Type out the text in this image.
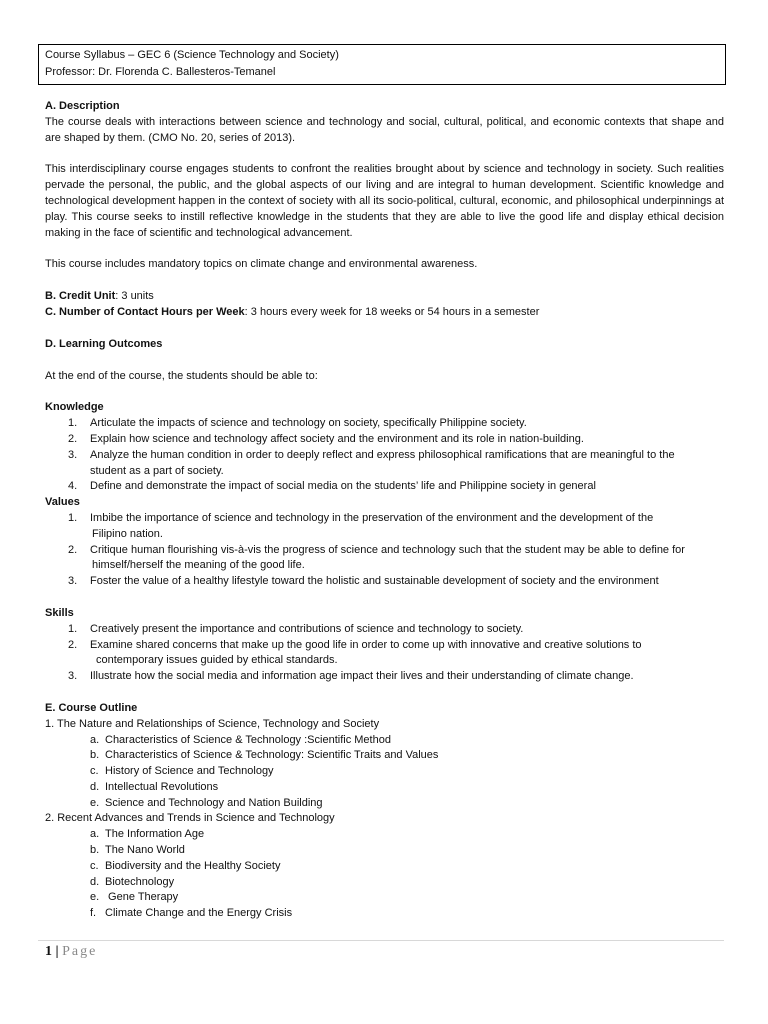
Course Syllabus – GEC 6 (Science Technology and Society)
Professor: Dr. Florenda C. Ballesteros-Temanel
A. Description
The course deals with interactions between science and technology and social, cultural, political, and economic contexts that shape and are shaped by them. (CMO No. 20, series of 2013).
This interdisciplinary course engages students to confront the realities brought about by science and technology in society. Such realities pervade the personal, the public, and the global aspects of our living and are integral to human development. Scientific knowledge and technological development happen in the context of society with all its socio-political, cultural, economic, and philosophical underpinnings at play. This course seeks to instill reflective knowledge in the students that they are able to live the good life and display ethical decision making in the face of scientific and technological advancement.
This course includes mandatory topics on climate change and environmental awareness.
B. Credit Unit: 3 units
C. Number of Contact Hours per Week: 3 hours every week for 18 weeks or 54 hours in a semester
D. Learning Outcomes
At the end of the course, the students should be able to:
Knowledge
1. Articulate the impacts of science and technology on society, specifically Philippine society.
2. Explain how science and technology affect society and the environment and its role in nation-building.
3. Analyze the human condition in order to deeply reflect and express philosophical ramifications that are meaningful to the
student as a part of society.
4. Define and demonstrate the impact of social media on the students’ life and Philippine society in general
Values
1. Imbibe the importance of science and technology in the preservation of the environment and the development of the
Filipino nation.
2. Critique human flourishing vis-à-vis the progress of science and technology such that the student may be able to define for
himself/herself the meaning of the good life.
3. Foster the value of a healthy lifestyle toward the holistic and sustainable development of society and the environment
Skills
1. Creatively present the importance and contributions of science and technology to society.
2. Examine shared concerns that make up the good life in order to come up with innovative and creative solutions to
contemporary issues guided by ethical standards.
3. Illustrate how the social media and information age impact their lives and their understanding of climate change.
E. Course Outline
1. The Nature and Relationships of Science, Technology and Society
a. Characteristics of Science & Technology :Scientific Method
b. Characteristics of Science & Technology: Scientific Traits and Values
c. History of Science and Technology
d. Intellectual Revolutions
e. Science and Technology and Nation Building
2. Recent Advances and Trends in Science and Technology
a. The Information Age
b. The Nano World
c. Biodiversity and the Healthy Society
d. Biotechnology
e. Gene Therapy
f. Climate Change and the Energy Crisis
1 | Page
